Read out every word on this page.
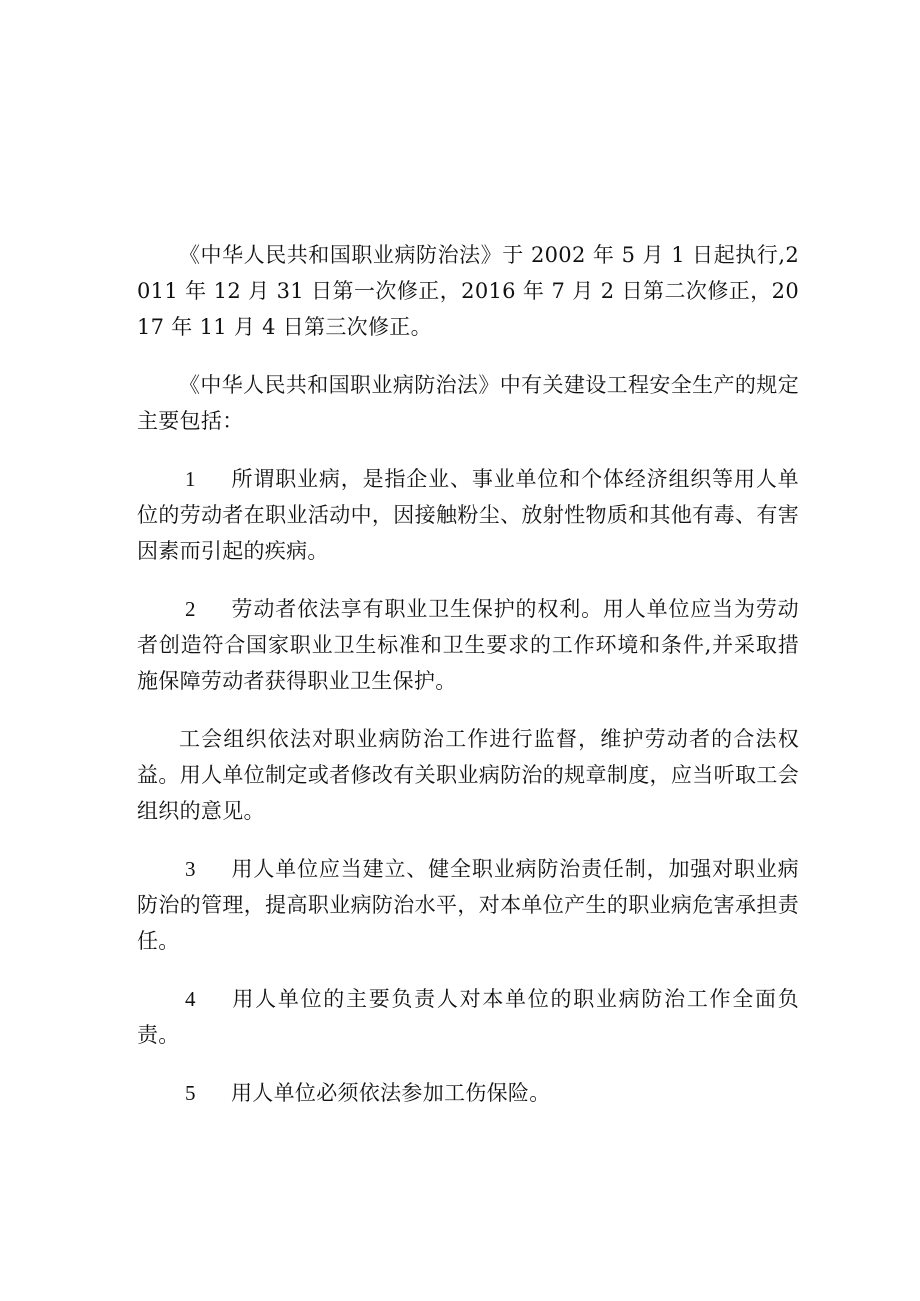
《中华人民共和国职业病防治法》于 2002 年 5 月 1 日起执行,2011 年 12 月 31 日第一次修正，2016 年 7 月 2 日第二次修正，2017 年 11 月 4 日第三次修正。

《中华人民共和国职业病防治法》中有关建设工程安全生产的规定主要包括：

1 所谓职业病，是指企业、事业单位和个体经济组织等用人单位的劳动者在职业活动中，因接触粉尘、放射性物质和其他有毒、有害因素而引起的疾病。

2 劳动者依法享有职业卫生保护的权利。用人单位应当为劳动者创造符合国家职业卫生标准和卫生要求的工作环境和条件,并采取措施保障劳动者获得职业卫生保护。

工会组织依法对职业病防治工作进行监督，维护劳动者的合法权益。用人单位制定或者修改有关职业病防治的规章制度，应当听取工会组织的意见。

3 用人单位应当建立、健全职业病防治责任制，加强对职业病防治的管理，提高职业病防治水平，对本单位产生的职业病危害承担责任。

4 用人单位的主要负责人对本单位的职业病防治工作全面负责。

5 用人单位必须依法参加工伤保险。
